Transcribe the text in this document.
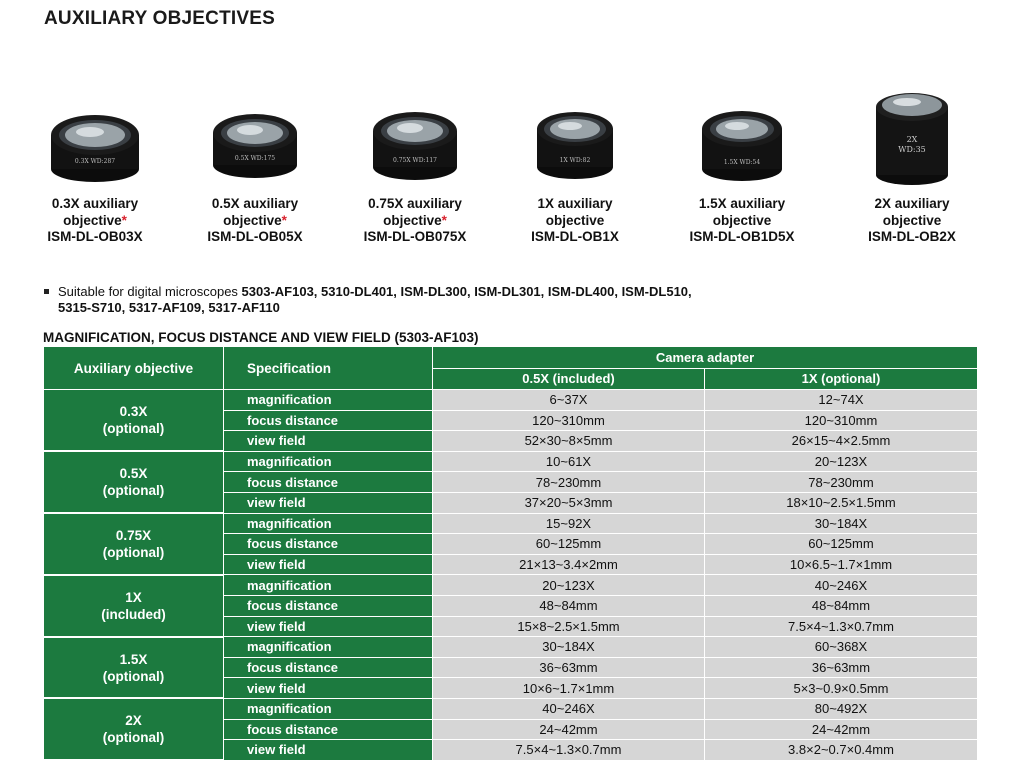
AUXILIARY OBJECTIVES
0.3X WD:287
0.3X auxiliary
objective*
ISM-DL-OB03X
0.5X WD:175
0.5X auxiliary
objective*
ISM-DL-OB05X
0.75X WD:117
0.75X auxiliary
objective*
ISM-DL-OB075X
1X WD:82
1X auxiliary
objective
ISM-DL-OB1X
1.5X WD:54
1.5X auxiliary
objective
ISM-DL-OB1D5X
2X
WD:35
2X auxiliary
objective
ISM-DL-OB2X
Suitable for digital microscopes 5303-AF103, 5310-DL401, ISM-DL300, ISM-DL301, ISM-DL400, ISM-DL510,
5315-S710, 5317-AF109, 5317-AF110
MAGNIFICATION, FOCUS DISTANCE AND VIEW FIELD (5303-AF103)
Auxiliary objective	Specification	Camera adapter	
		0.5X (included)	1X (optional)

0.3X
(optional)	magnification	6~37X	12~74X
	focus distance	120~310mm	120~310mm
	view field	52×30~8×5mm	26×15~4×2.5mm

0.5X
(optional)	magnification	10~61X	20~123X
	focus distance	78~230mm	78~230mm
	view field	37×20~5×3mm	18×10~2.5×1.5mm

0.75X
(optional)	magnification	15~92X	30~184X
	focus distance	60~125mm	60~125mm
	view field	21×13~3.4×2mm	10×6.5~1.7×1mm

1X
(included)	magnification	20~123X	40~246X
	focus distance	48~84mm	48~84mm
	view field	15×8~2.5×1.5mm	7.5×4~1.3×0.7mm

1.5X
(optional)	magnification	30~184X	60~368X
	focus distance	36~63mm	36~63mm
	view field	10×6~1.7×1mm	5×3~0.9×0.5mm

2X
(optional)	magnification	40~246X	80~492X
	focus distance	24~42mm	24~42mm
	view field	7.5×4~1.3×0.7mm	3.8×2~0.7×0.4mm
